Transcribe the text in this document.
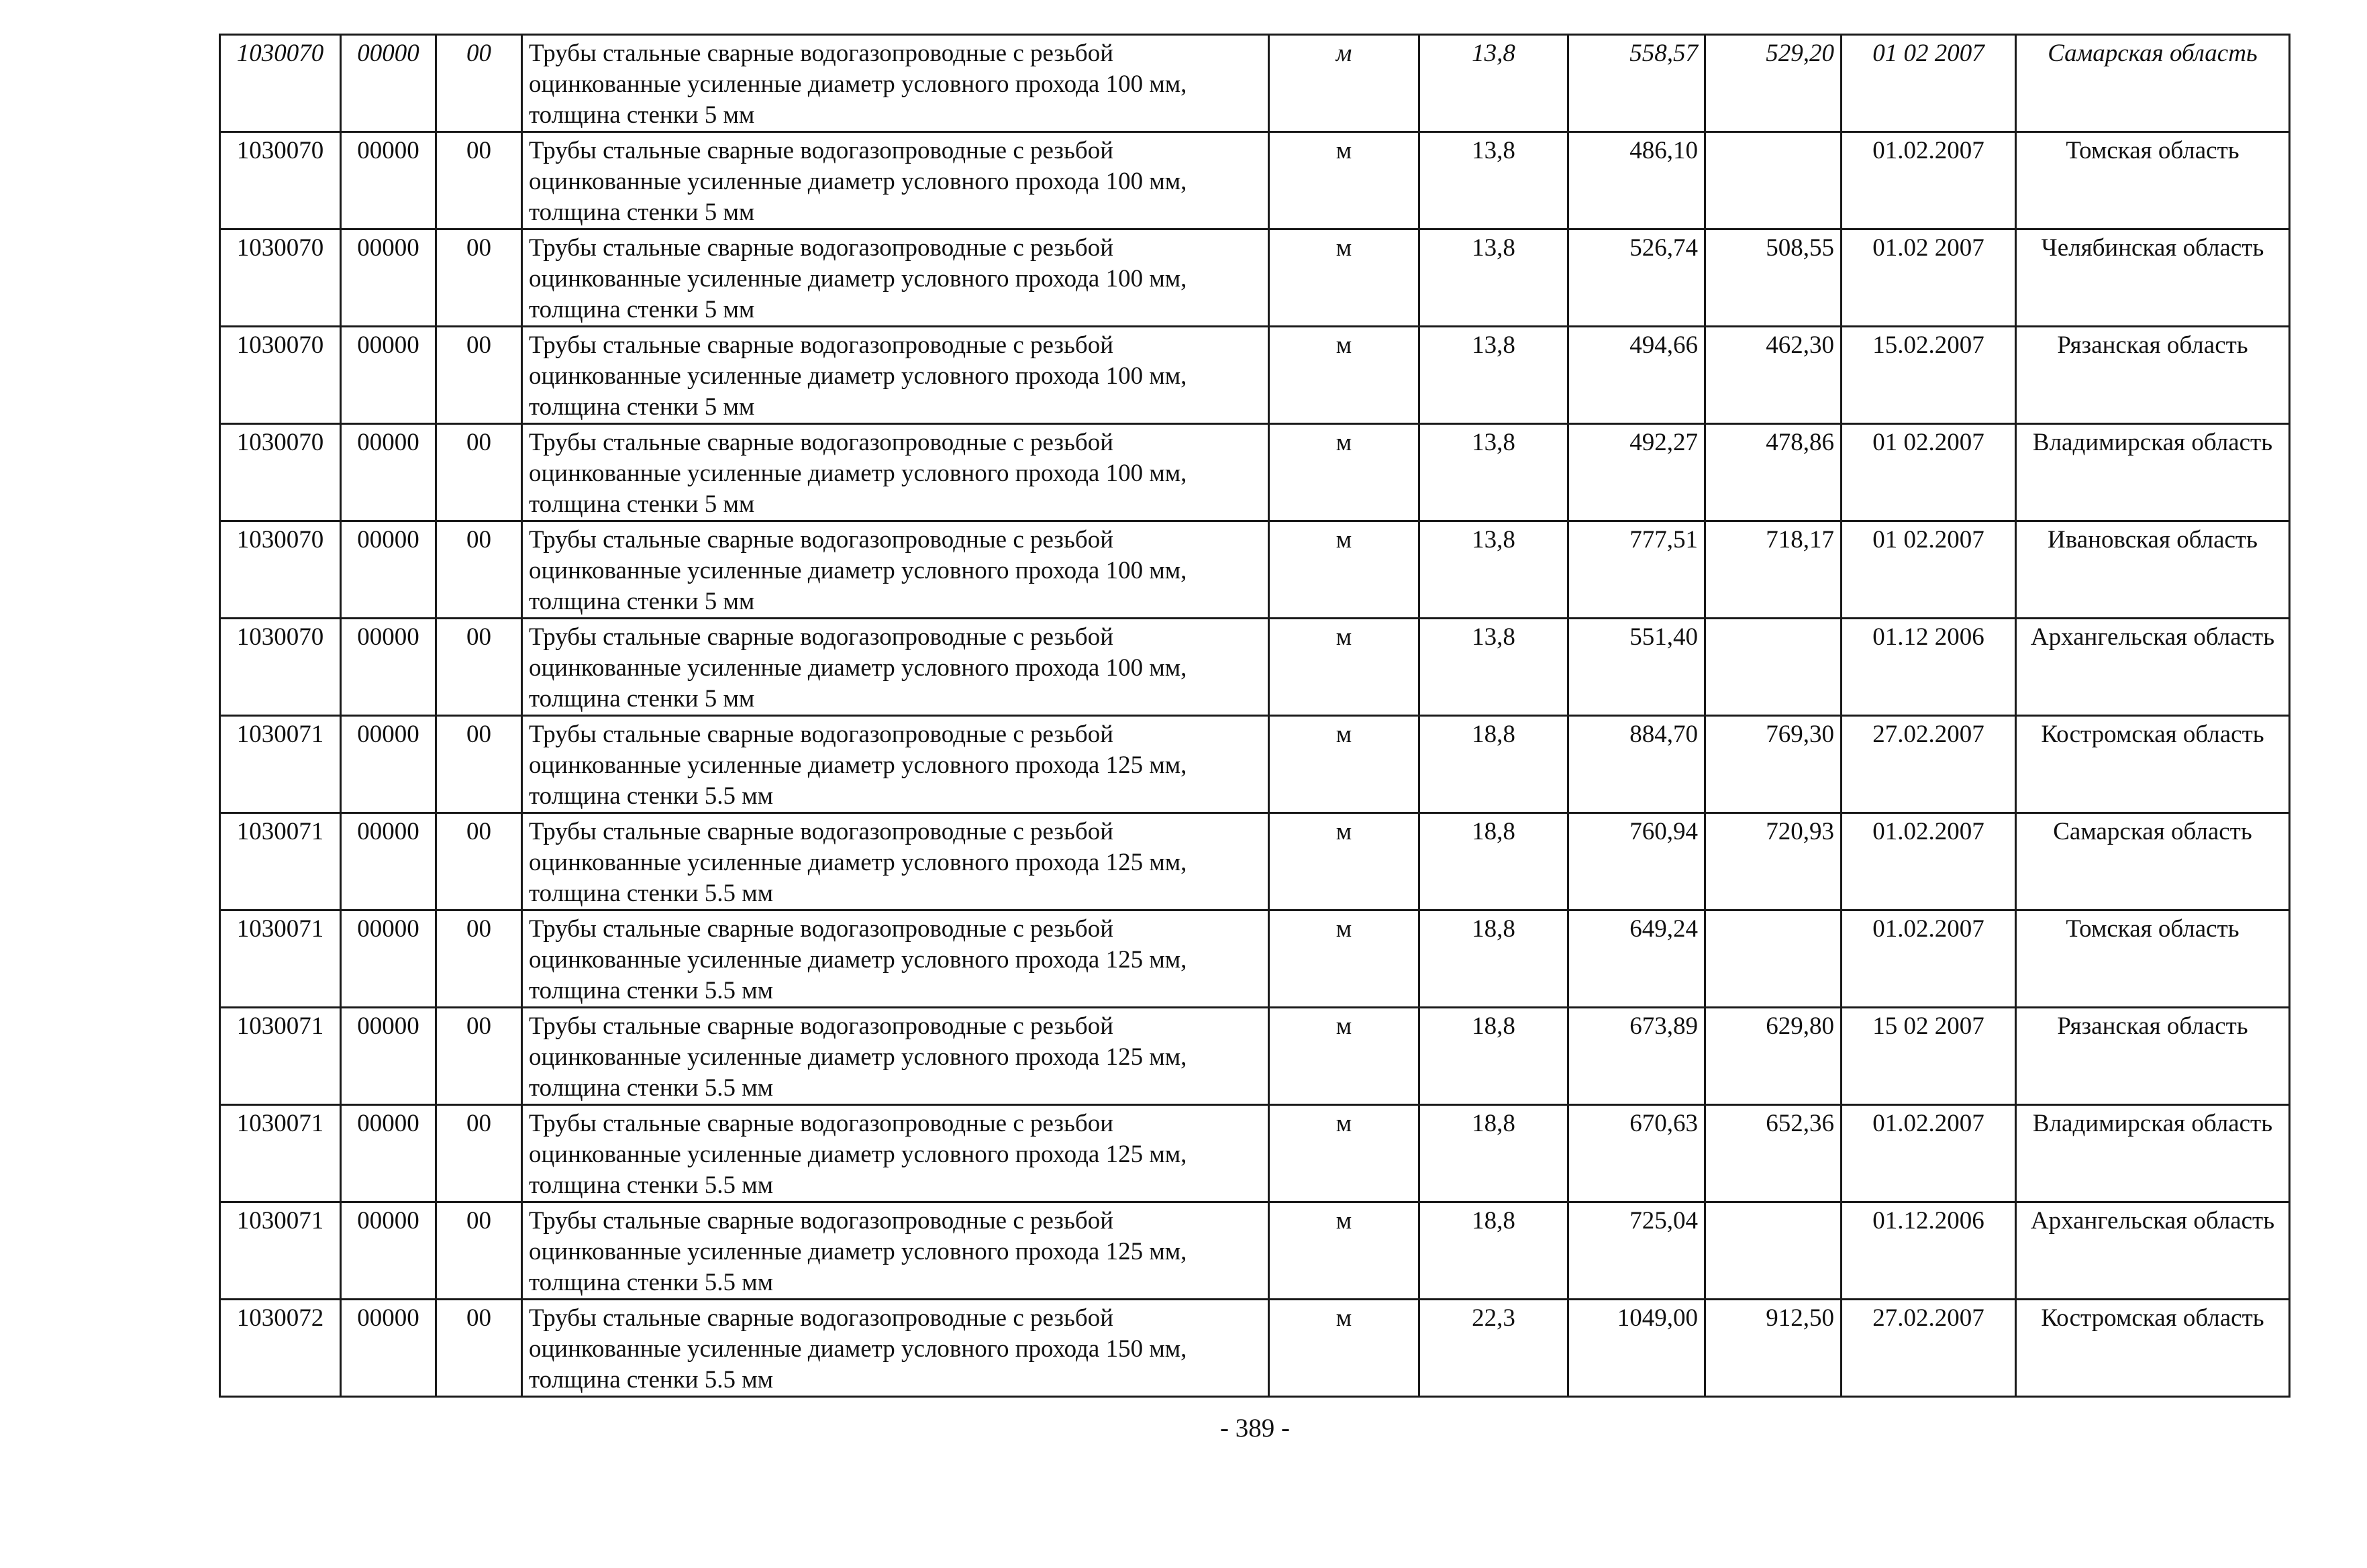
1030070	00000	00	Трубы стальные сварные водогазопроводные с резьбой оцинкованные усиленные диаметр условного прохода 100 мм, толщина стенки 5 мм	м	13,8	558,57	529,20	01 02 2007	Самарская область
1030070	00000	00	Трубы стальные сварные водогазопроводные с резьбой оцинкованные усиленные диаметр условного прохода 100 мм, толщина стенки 5 мм	м	13,8	486,10		01.02.2007	Томская область
1030070	00000	00	Трубы стальные сварные водогазопроводные с резьбой оцинкованные усиленные диаметр условного прохода 100 мм, толщина стенки 5 мм	м	13,8	526,74	508,55	01.02 2007	Челябинская область
1030070	00000	00	Трубы стальные сварные водогазопроводные с резьбой оцинкованные усиленные диаметр условного прохода 100 мм, толщина стенки 5 мм	м	13,8	494,66	462,30	15.02.2007	Рязанская область
1030070	00000	00	Трубы стальные сварные водогазопроводные с резьбой оцинкованные усиленные диаметр условного прохода 100 мм, толщина стенки 5 мм	м	13,8	492,27	478,86	01 02.2007	Владимирская область
1030070	00000	00	Трубы стальные сварные водогазопроводные с резьбой оцинкованные усиленные диаметр условного прохода 100 мм, толщина стенки 5 мм	м	13,8	777,51	718,17	01 02.2007	Ивановская область
1030070	00000	00	Трубы стальные сварные водогазопроводные с резьбой оцинкованные усиленные диаметр условного прохода 100 мм, толщина стенки 5 мм	м	13,8	551,40		01.12 2006	Архангельская область
1030071	00000	00	Трубы стальные сварные водогазопроводные с резьбой оцинкованные усиленные диаметр условного прохода 125 мм, толщина стенки 5.5 мм	м	18,8	884,70	769,30	27.02.2007	Костромская область
1030071	00000	00	Трубы стальные сварные водогазопроводные с резьбой оцинкованные усиленные диаметр условного прохода 125 мм, толщина стенки 5.5 мм	м	18,8	760,94	720,93	01.02.2007	Самарская область
1030071	00000	00	Трубы стальные сварные водогазопроводные с резьбой оцинкованные усиленные диаметр условного прохода 125 мм, толщина стенки 5.5 мм	м	18,8	649,24		01.02.2007	Томская область
1030071	00000	00	Трубы стальные сварные водогазопроводные с резьбой оцинкованные усиленные диаметр условного прохода 125 мм, толщина стенки 5.5 мм	м	18,8	673,89	629,80	15 02 2007	Рязанская область
1030071	00000	00	Трубы стальные сварные водогазопроводные с резьбои оцинкованные усиленные диаметр условного прохода 125 мм, толщина стенки 5.5 мм	м	18,8	670,63	652,36	01.02.2007	Владимирская область
1030071	00000	00	Трубы стальные сварные водогазопроводные с резьбой оцинкованные усиленные диаметр условного прохода 125 мм, толщина стенки 5.5 мм	м	18,8	725,04		01.12.2006	Архангельская область
1030072	00000	00	Трубы стальные сварные водогазопроводные с резьбой оцинкованные усиленные диаметр условного прохода 150 мм, толщина стенки 5.5 мм	м	22,3	1049,00	912,50	27.02.2007	Костромская область
- 389 -
